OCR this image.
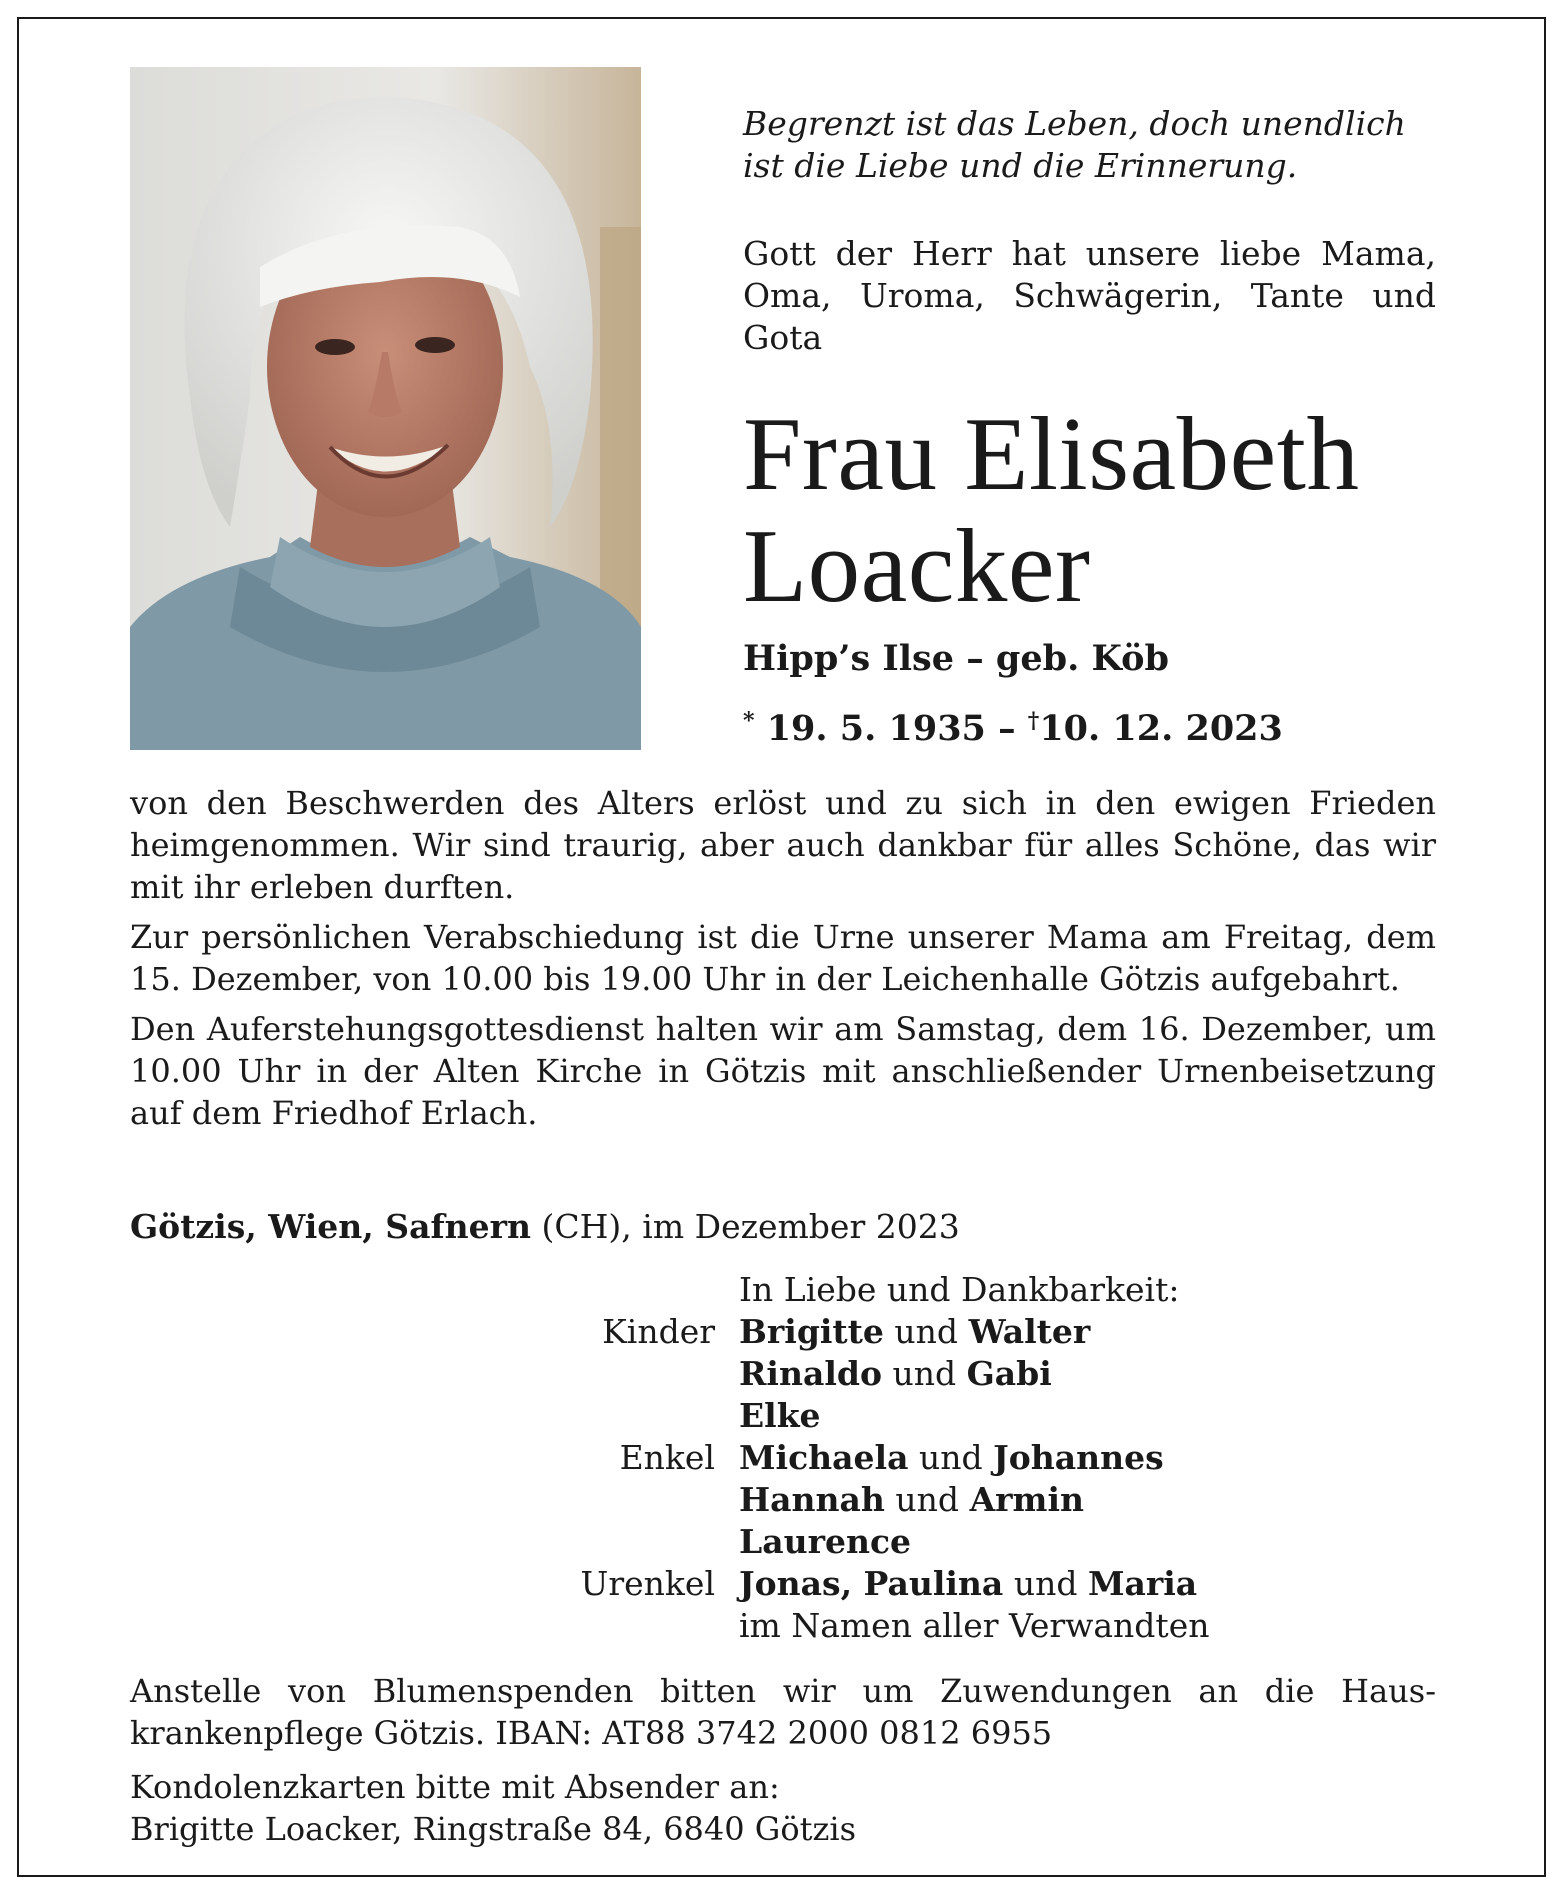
Begrenzt ist das Leben, doch unendlich
ist die Liebe und die Erinnerung.
Gott der Herr hat unsere liebe Mama, Oma, Uroma, Schwägerin, Tante und Gota
Frau Elisabeth
Loacker
Hipp’s Ilse – geb. Köb
* 19. 5. 1935 – †10. 12. 2023

von den Beschwerden des Alters erlöst und zu sich in den ewigen Frieden heimgenommen. Wir sind traurig, aber auch dankbar für alles Schöne, das wir mit ihr erleben durften.

Zur persönlichen Verabschiedung ist die Urne unserer Mama am Freitag, dem 15. Dezember, von 10.00 bis 19.00 Uhr in der Leichenhalle Götzis aufgebahrt.

Den Auferstehungsgottesdienst halten wir am Samstag, dem 16. Dezember, um 10.00 Uhr in der Alten Kirche in Götzis mit anschließender Urnenbeisetzung auf dem Friedhof Erlach.

Götzis, Wien, Safnern (CH), im Dezember 2023
In Liebe und Dankbarkeit:
Kinder Brigitte und Walter
Rinaldo und Gabi
Elke
Enkel Michaela und Johannes
Hannah und Armin
Laurence
Urenkel Jonas, Paulina und Maria
im Namen aller Verwandten
Anstelle von Blumenspenden bitten wir um Zuwendungen an die Hauskrankenpflege Götzis. IBAN: AT88 3742 2000 0812 6955
Kondolenzkarten bitte mit Absender an:
Brigitte Loacker, Ringstraße 84, 6840 Götzis
